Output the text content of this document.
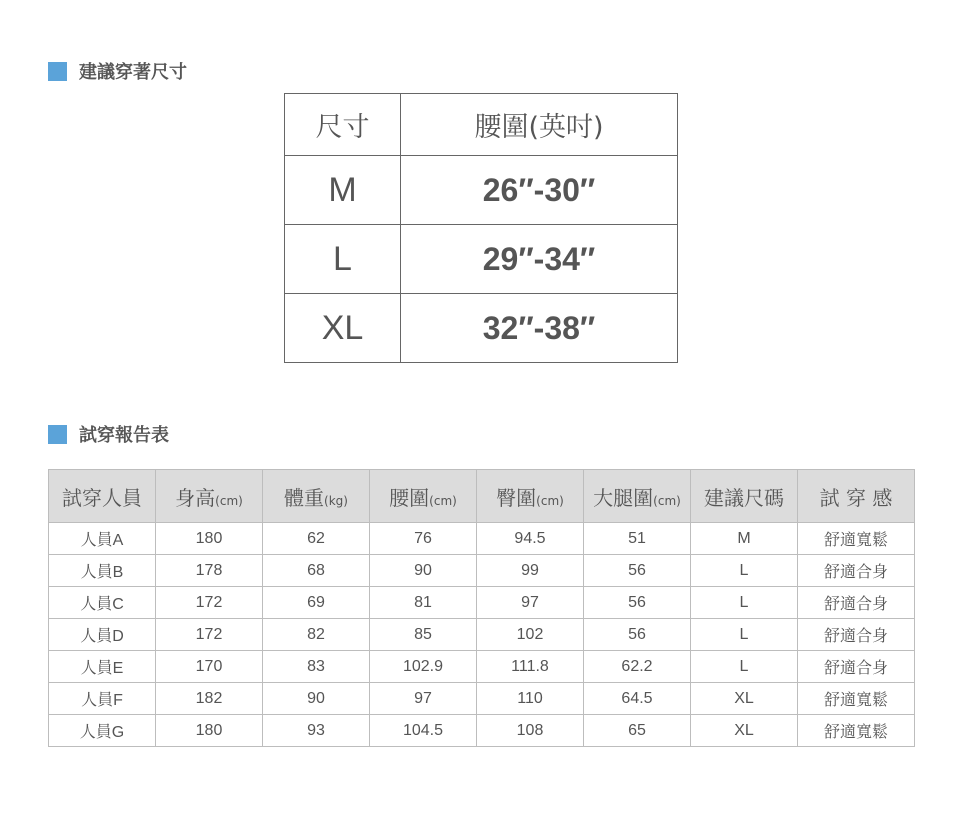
建議穿著尺寸
尺寸	腰圍(英吋)
M	26″-30″
L	29″-34″
XL	32″-38″
試穿報告表
試穿人員	身高(cm)	體重(kg)	腰圍(cm)	臀圍(cm)	大腿圍(cm)	建議尺碼	試 穿 感
人員A	180	62	76	94.5	51	M	舒適寬鬆
人員B	178	68	90	99	56	L	舒適合身
人員C	172	69	81	97	56	L	舒適合身
人員D	172	82	85	102	56	L	舒適合身
人員E	170	83	102.9	111.8	62.2	L	舒適合身
人員F	182	90	97	110	64.5	XL	舒適寬鬆
人員G	180	93	104.5	108	65	XL	舒適寬鬆
